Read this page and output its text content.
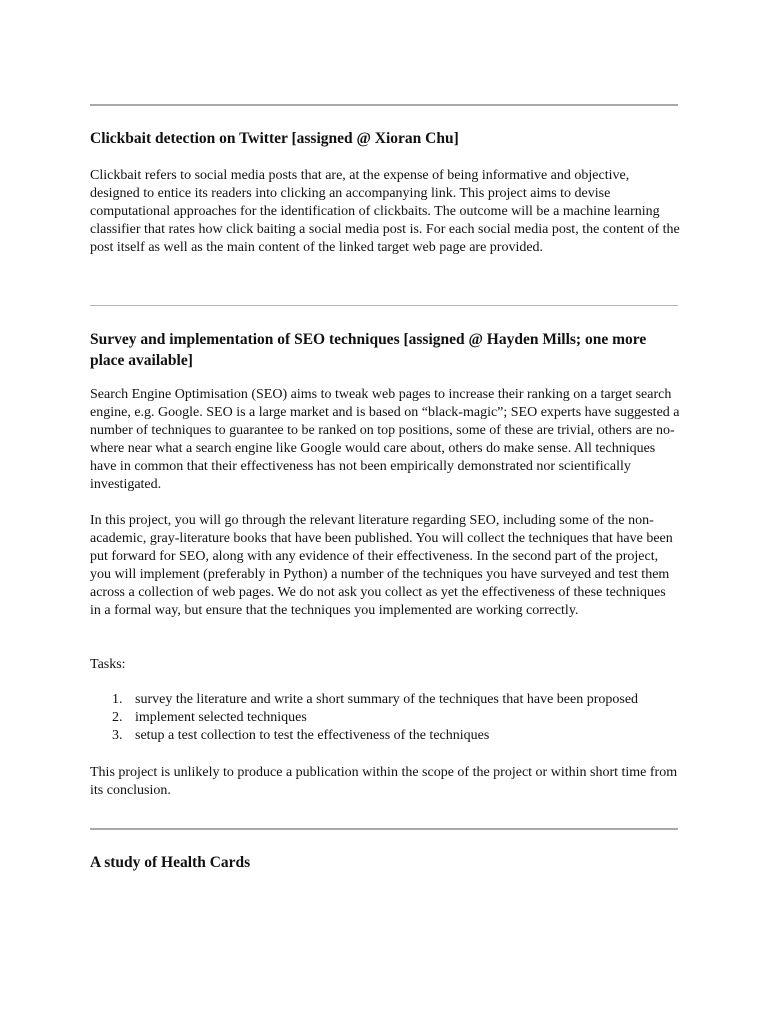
Clickbait detection on Twitter [assigned @ Xioran Chu]

Clickbait refers to social media posts that are, at the expense of being informative and objective, designed to entice its readers into clicking an accompanying link. This project aims to devise computational approaches for the identification of clickbaits. The outcome will be a machine learning classifier that rates how click baiting a social media post is. For each social media post, the content of the post itself as well as the main content of the linked target web page are provided.

Survey and implementation of SEO techniques [assigned @ Hayden Mills; one more place available]

Search Engine Optimisation (SEO) aims to tweak web pages to increase their ranking on a target search engine, e.g. Google. SEO is a large market and is based on “black-magic”; SEO experts have suggested a number of techniques to guarantee to be ranked on top positions, some of these are trivial, others are no-where near what a search engine like Google would care about, others do make sense. All techniques have in common that their effectiveness has not been empirically demonstrated nor scientifically investigated.

In this project, you will go through the relevant literature regarding SEO, including some of the non-academic, gray-literature books that have been published. You will collect the techniques that have been put forward for SEO, along with any evidence of their effectiveness. In the second part of the project, you will implement (preferably in Python) a number of the techniques you have surveyed and test them across a collection of web pages. We do not ask you collect as yet the effectiveness of these techniques in a formal way, but ensure that the techniques you implemented are working correctly.

Tasks:

1. survey the literature and write a short summary of the techniques that have been proposed
2. implement selected techniques
3. setup a test collection to test the effectiveness of the techniques

This project is unlikely to produce a publication within the scope of the project or within short time from its conclusion.

A study of Health Cards
